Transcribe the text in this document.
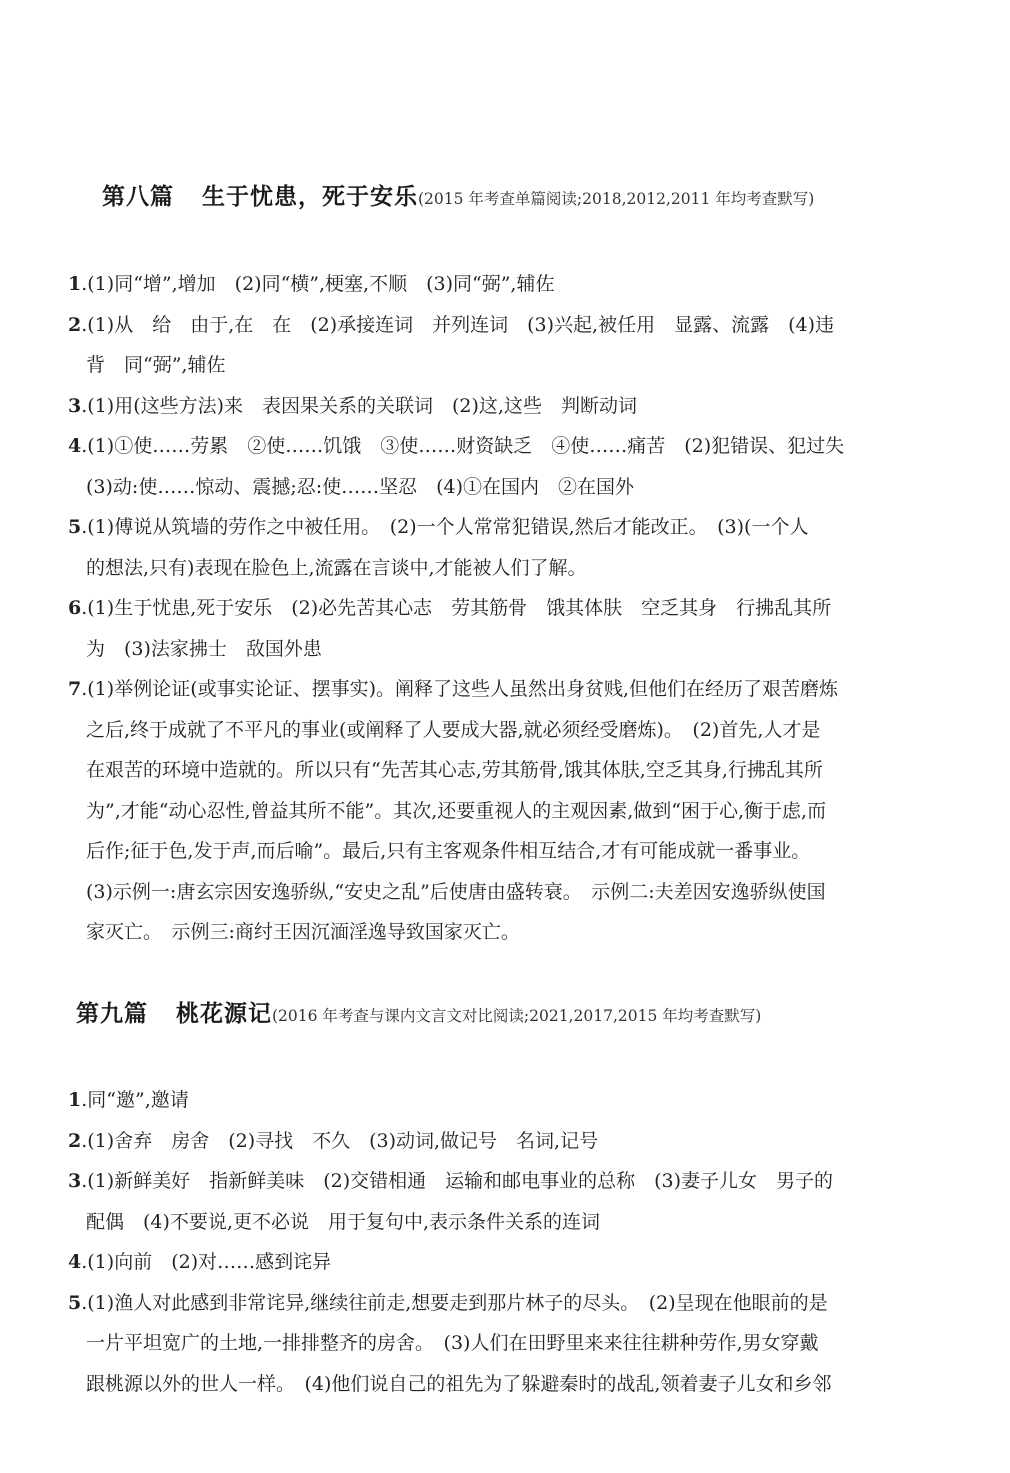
第八篇 生于忧患，死于安乐(2015 年考查单篇阅读;2018,2012,2011 年均考查默写)
1.(1)同“增”,增加　(2)同“横”,梗塞,不顺　(3)同“弼”,辅佐
2.(1)从　给　由于,在　在　(2)承接连词　并列连词　(3)兴起,被任用　显露、流露　(4)违
背　同“弼”,辅佐
3.(1)用(这些方法)来　表因果关系的关联词　(2)这,这些　判断动词
4.(1)①使……劳累　②使……饥饿　③使……财资缺乏　④使……痛苦　(2)犯错误、犯过失
(3)动:使……惊动、震撼;忍:使……坚忍　(4)①在国内　②在国外
5.(1)傅说从筑墙的劳作之中被任用。　(2)一个人常常犯错误,然后才能改正。　(3)(一个人
的想法,只有)表现在脸色上,流露在言谈中,才能被人们了解。
6.(1)生于忧患,死于安乐　(2)必先苦其心志　劳其筋骨　饿其体肤　空乏其身　行拂乱其所
为　(3)法家拂士　敌国外患
7.(1)举例论证(或事实论证、摆事实)。阐释了这些人虽然出身贫贱,但他们在经历了艰苦磨炼
之后,终于成就了不平凡的事业(或阐释了人要成大器,就必须经受磨炼)。　(2)首先,人才是
在艰苦的环境中造就的。所以只有“先苦其心志,劳其筋骨,饿其体肤,空乏其身,行拂乱其所
为”,才能“动心忍性,曾益其所不能”。其次,还要重视人的主观因素,做到“困于心,衡于虑,而
后作;征于色,发于声,而后喻”。最后,只有主客观条件相互结合,才有可能成就一番事业。
(3)示例一:唐玄宗因安逸骄纵,“安史之乱”后使唐由盛转衰。　示例二:夫差因安逸骄纵使国
家灭亡。　示例三:商纣王因沉湎淫逸导致国家灭亡。
第九篇 桃花源记(2016 年考查与课内文言文对比阅读;2021,2017,2015 年均考查默写)
1.同“邀”,邀请
2.(1)舍弃　房舍　(2)寻找　不久　(3)动词,做记号　名词,记号
3.(1)新鲜美好　指新鲜美味　(2)交错相通　运输和邮电事业的总称　(3)妻子儿女　男子的
配偶　(4)不要说,更不必说　用于复句中,表示条件关系的连词
4.(1)向前　(2)对……感到诧异
5.(1)渔人对此感到非常诧异,继续往前走,想要走到那片林子的尽头。　(2)呈现在他眼前的是
一片平坦宽广的土地,一排排整齐的房舍。　(3)人们在田野里来来往往耕种劳作,男女穿戴
跟桃源以外的世人一样。　(4)他们说自己的祖先为了躲避秦时的战乱,领着妻子儿女和乡邻
